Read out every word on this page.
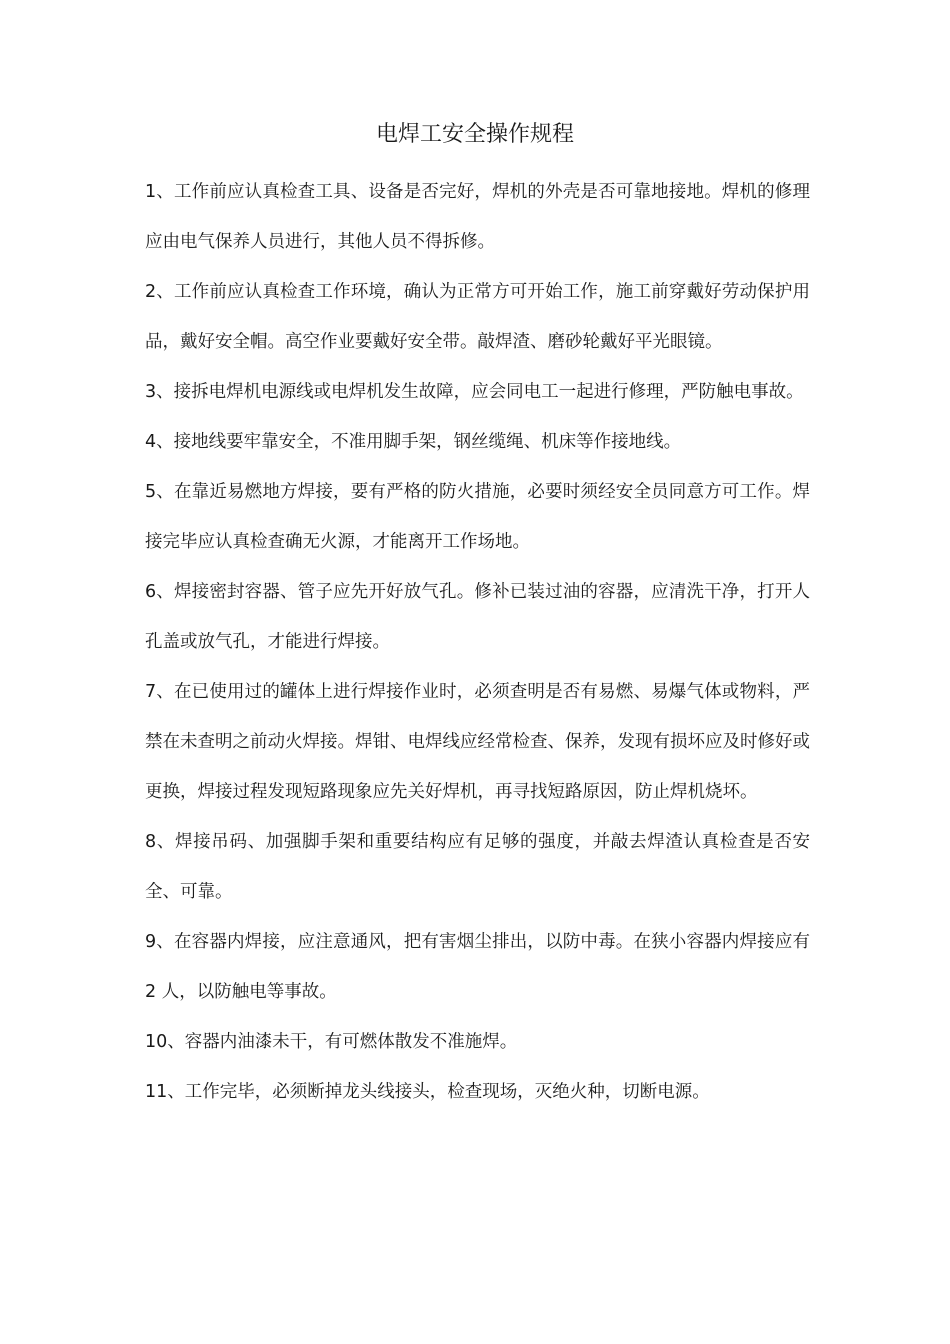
电焊工安全操作规程

1、工作前应认真检查工具、设备是否完好，焊机的外壳是否可靠地接地。焊机的修理应由电气保养人员进行，其他人员不得拆修。

2、工作前应认真检查工作环境，确认为正常方可开始工作，施工前穿戴好劳动保护用品，戴好安全帽。高空作业要戴好安全带。敲焊渣、磨砂轮戴好平光眼镜。

3、接拆电焊机电源线或电焊机发生故障，应会同电工一起进行修理，严防触电事故。

4、接地线要牢靠安全，不准用脚手架，钢丝缆绳、机床等作接地线。

5、在靠近易燃地方焊接，要有严格的防火措施，必要时须经安全员同意方可工作。焊接完毕应认真检查确无火源，才能离开工作场地。

6、焊接密封容器、管子应先开好放气孔。修补已装过油的容器，应清洗干净，打开人孔盖或放气孔，才能进行焊接。

7、在已使用过的罐体上进行焊接作业时，必须查明是否有易燃、易爆气体或物料，严禁在未查明之前动火焊接。焊钳、电焊线应经常检查、保养，发现有损坏应及时修好或更换，焊接过程发现短路现象应先关好焊机，再寻找短路原因，防止焊机烧坏。

8、焊接吊码、加强脚手架和重要结构应有足够的强度，并敲去焊渣认真检查是否安全、可靠。

9、在容器内焊接，应注意通风，把有害烟尘排出，以防中毒。在狭小容器内焊接应有 2 人，以防触电等事故。

10、容器内油漆未干，有可燃体散发不准施焊。

11、工作完毕，必须断掉龙头线接头，检查现场，灭绝火种，切断电源。
